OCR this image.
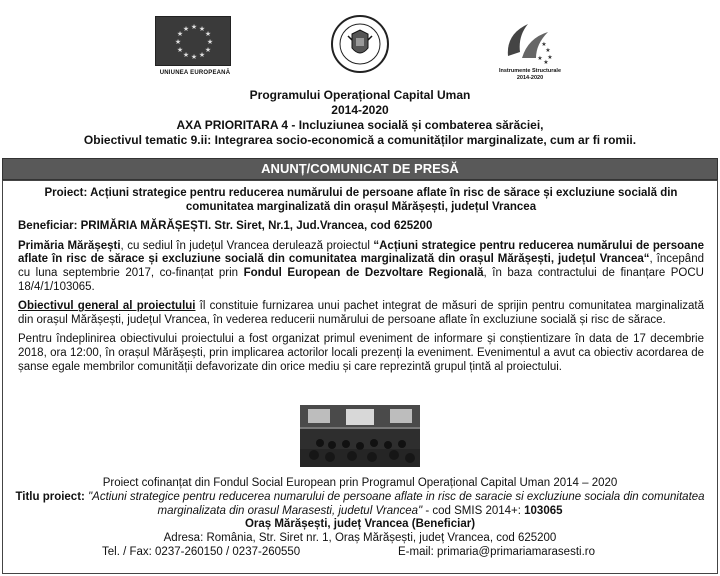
★ ★
★
★
★
★
★
★
★
★
★
★
UNIUNEA EUROPEANĂ
★
★
★
★
★
Instrumente Structurale
2014-2020
Programului Operațional Capital Uman
2014-2020
AXA PRIORITARA 4 - Incluziunea socială și combaterea sărăciei,
Obiectivul tematic 9.ii: Integrarea socio-economică a comunităților marginalizate, cum ar fi romii.
ANUNȚ/COMUNICAT DE PRESĂ

Proiect: Acțiuni strategice pentru reducerea numărului de persoane aflate în risc de sărace și excluziune socială din comunitatea marginalizată din orașul Mărășești, județul Vrancea

Beneficiar: PRIMĂRIA MĂRĂȘEȘTI. Str. Siret, Nr.1, Jud.Vrancea, cod 625200

Primăria Mărășești, cu sediul în județul Vrancea derulează proiectul “Acțiuni strategice pentru reducerea numărului de persoane aflate în risc de sărace și excluziune socială din comunitatea marginalizată din orașul Mărășești, județul Vrancea“, începând cu luna septembrie 2017, co-finanțat prin Fondul European de Dezvoltare Regională, în baza contractului de finanțare POCU 18/4/1/103065.

Obiectivul general al proiectului îl constituie furnizarea unui pachet integrat de măsuri de sprijin pentru comunitatea marginalizată din orașul Mărășești, județul Vrancea, în vederea reducerii numărului de persoane aflate în excluziune socială și risc de sărace.

Pentru îndeplinirea obiectivului proiectului a fost organizat primul eveniment de informare și conștientizare în data de 17 decembrie 2018, ora 12:00, în orașul Mărășești, prin implicarea actorilor locali prezenți la eveniment. Evenimentul a avut ca obiectiv acordarea de șanse egale membrilor comunității defavorizate din orice mediu și care reprezintă grupul țintă al proiectului.

Proiect cofinanțat din Fondul Social European prin Programul Operațional Capital Uman 2014 – 2020
Titlu proiect: "Actiuni strategice pentru reducerea numarului de persoane aflate in risc de saracie si excluziune sociala din comunitatea marginalizata din orasul Marasesti, judetul Vrancea" - cod SMIS 2014+: 103065
Oraș Mărășești, județ Vrancea (Beneficiar)
Adresa: România, Str. Siret nr. 1, Oraș Mărășești, județ Vrancea, cod 625200
Tel. / Fax: 0237-260150 / 0237-260550	E-mail: primaria@primariamarasesti.ro
